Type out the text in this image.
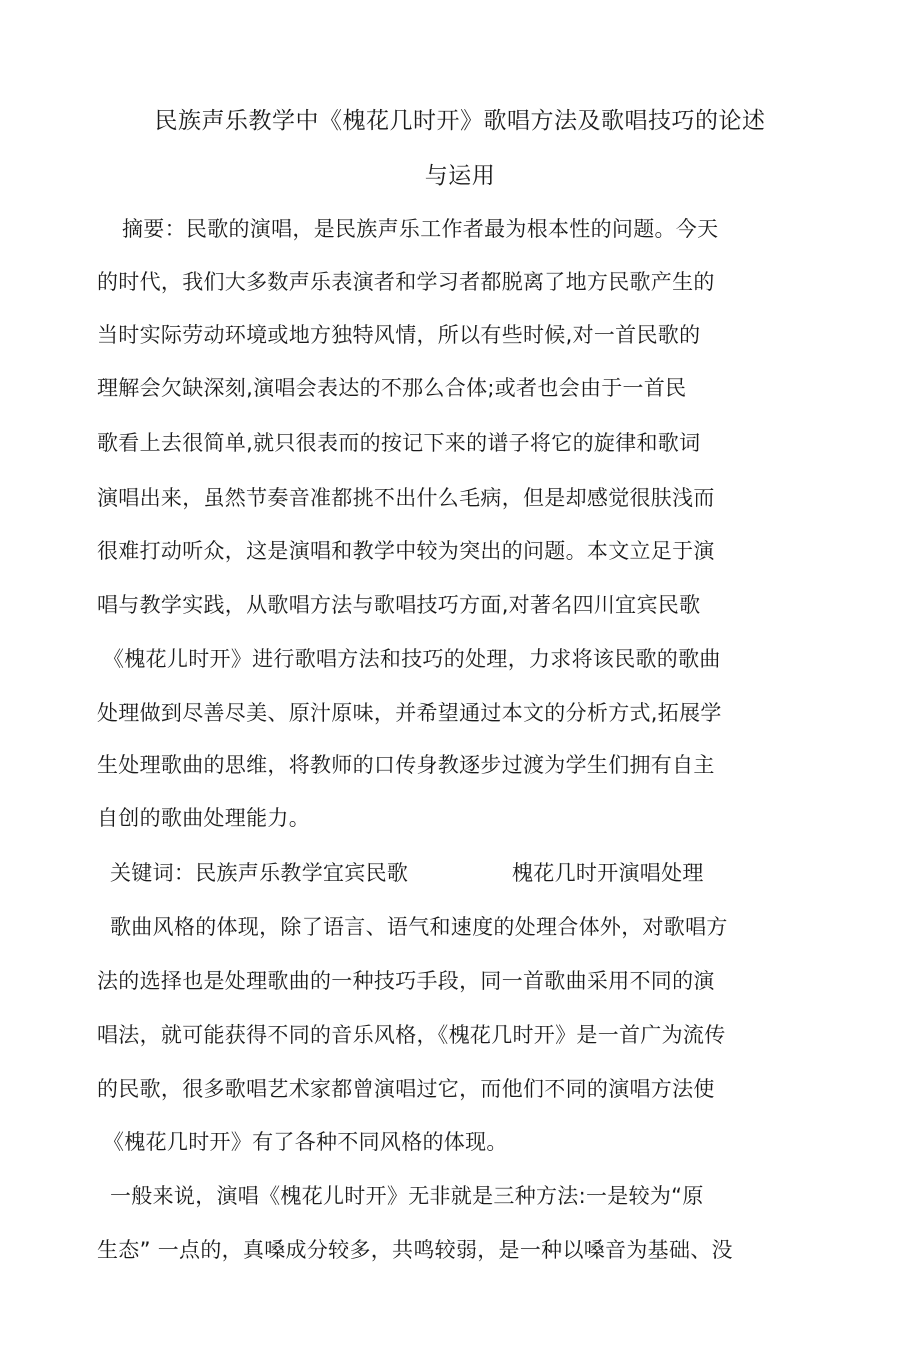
民族声乐教学中《槐花几时开》歌唱方法及歌唱技巧的论述
与运用
摘要：民歌的演唱，是民族声乐工作者最为根本性的问题。今天
的时代，我们大多数声乐表演者和学习者都脱离了地方民歌产生的
当时实际劳动环境或地方独特风情，所以有些时候,对一首民歌的
理解会欠缺深刻,演唱会表达的不那么合体;或者也会由于一首民
歌看上去很简单,就只很表而的按记下来的谱子将它的旋律和歌词
演唱出来，虽然节奏音准都挑不出什么毛病，但是却感觉很肤浅而
很难打动听众，这是演唱和教学中较为突出的问题。本文立足于演
唱与教学实践，从歌唱方法与歌唱技巧方面,对著名四川宜宾民歌
《槐花儿时开》进行歌唱方法和技巧的处理，力求将该民歌的歌曲
处理做到尽善尽美、原汁原味，并希望通过本文的分析方式,拓展学
生处理歌曲的思维，将教师的口传身教逐步过渡为学生们拥有自主
自创的歌曲处理能力。
关键词：民族声乐教学宜宾民歌	槐花几时开演唱处理
歌曲风格的体现，除了语言、语气和速度的处理合体外，对歌唱方
法的选择也是处理歌曲的一种技巧手段，同一首歌曲采用不同的演
唱法，就可能获得不同的音乐风格，《槐花几时开》是一首广为流传
的民歌，很多歌唱艺术家都曾演唱过它，而他们不同的演唱方法使
《槐花几时开》有了各种不同风格的体现。
一般来说，演唱《槐花儿时开》无非就是三种方法:一是较为“原
生态” 一点的，真嗓成分较多，共鸣较弱，是一种以嗓音为基础、没
